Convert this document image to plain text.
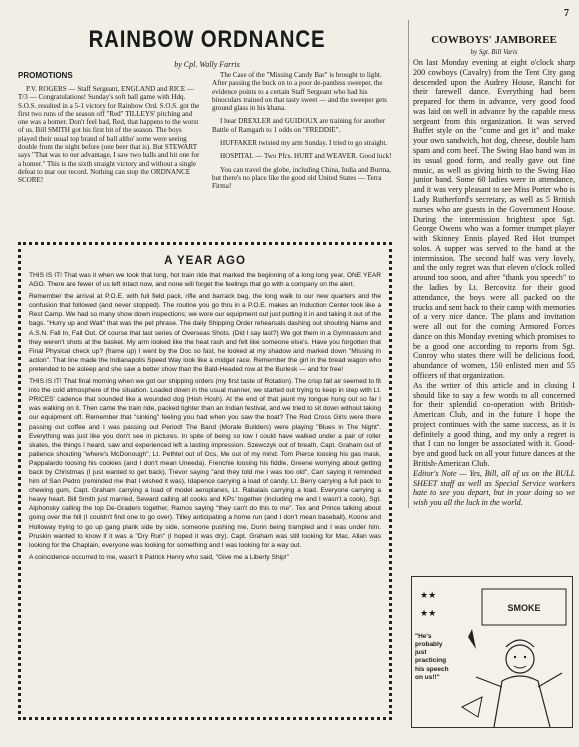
7
RAINBOW ORDNANCE
by Cpl. Wally Farris

PROMOTIONS

P.V. ROGERS — Staff Sergeant, ENGLAND and RICE — T/3 — Congratulations! Sunday's soft ball game with Hdq. S.O.S. resulted in a 5-1 victory for Rainbow Ord. S.O.S. got the first two runs of the season off "Red" TILLEYS' pitching and one was a homer. Don't feel bad, Red, that happens to the worst of us. Bill SMITH got his first hit of the season. The boys played their usual top brand of ball altho' some were seeing double from the night before (one beer that is). But STEWART says "That was to our advantage, I saw two balls and hit one for a homer." This is the sixth straight victory and without a single defeat to mar our record. Nothing can stop the ORDNANCE SCORE!

The Case of the "Missing Candy Bar" is brought to light. After passing the buck on to a poor de-pantless sweeper, the evidence points to a certain Staff Sergeant who had his binoculars trained on that tasty sweet — and the sweeper gets ground glass in his khana.

I hear DREXLER and GUIDOUX are training for another Battle of Ramgarh to 1 odds on "FREDDIE".

HUFFAKER twisted my arm Sunday. I tried to go straight.

HOSPITAL — Two Pfcs. HURT and WEAVER. Good luck!

You can travel the globe, including China, India and Burma, but there's no place like the good old United States — Terra Firma!

A YEAR AGO

THIS IS IT! That was it when we took that long, hot train ride that marked the beginning of a long long year, ONE YEAR AGO. There are fewer of us left intact now, and none will forget the feelings that go with a company on the alert.

Remember the arrival at P.O.E. with full field pack, rifle and barrack bag, the long walk to our new quarters and the confusion that followed (and never stopped). The routine you go thru in a P.O.E. makes an Induction Center look like a Rest Camp. We had so many show down inspections; we wore our equipment out just putting it in and taking it out of the bags. "Hurry up and Wait" that was the pet phrase. The daily Shipping Order rehearsals dashing out shouting Name and A.S.N. Fall In, Fall Out. Of course that last series of Overseas Shots. (Did I say last?) We got them in a Gymnasium and they weren't shots at the basket. My arm looked like the heat rash and felt like someone else's. Have you forgotten that Final Physical check up? (frame up) I went by the Doc so fast, he looked at my shadow and marked down "Missing in action". That line made the Indianapolis Speed Way look like a midget race. Remember the girl in the bread wagon who pretended to be asleep and she saw a better show than the Bald-Headed row at the Burlesk — and for free!

THIS IS IT! That final morning when we got our shipping orders (my first taste of Rotation). The crisp fall air seemed to fit into the cold atmosphere of the situation. Loaded down in the usual manner, we started out trying to keep in step with Lt. PRICES' cadence that sounded like a wounded dog (Hish Hosh). At the end of that jaunt my tongue hung out so far I was walking on it. Then came the train ride, packed tighter than an Indian festival, and we tried to sit down without taking our equipment off. Remember that "sinking" feeling you had when you saw the boat? The Red Cross Girls were there passing out coffee and I was passing out Period! The Band (Morale Builders) were playing "Blues in The Night". Everything was just like you don't see in pictures. In spite of being so low I could have walked under a pair of roller skates, the things I heard, saw and experienced left a lasting impression. Szewczyk out of breath, Capt. Graham out of patience shouting "where's McDonough", Lt. Pethtel out of Ocs, Me out of my mind. Tom Pierce loosing his gas mask, Pappalardo loosing his cookies (and I don't mean Uneeda). Frenchie loosing his fiddle, Greene worrying about getting back by Christmas (I just wanted to get back), Trevor saying "and they told me I was too old", Carr saying it reminded him of San Pedro (reminded me that I wished it was), Idapence carrying a load of candy, Lt. Berry carrying a full pack to chewing gum, Capt. Graham carrying a load of model aeroplanes, Lt. Rabalais carrying a load. Everyone carrying a heavy heart. Bill Smith just married, Seward calling all cooks and KPs' together (including me and I wasn't a cook), Sgt. Alphonsky calling the top De-Graders together, Ramos saying "they can't do this to me". Tex and Prince talking about going over the hill (I couldn't find one to go over). Tilley anticipating a home run (and I don't mean baseball), Koone and Holloway trying to go up gang plank side by side, someone pushing me, Dunn being trampled and I was under him. Pruskin wanted to know if it was a "Dry Run" (I hoped it was dry). Capt. Graham was still looking for Mac. Allan was looking for the Chaplain, everyone was looking for something and I was looking for a way out.

A coincidence occurred to me, wasn't it Patrick Henry who said, "Give me a Liberty Ship!"

COWBOYS' JAMBOREE
by Sgt. Bill Varis

On last Monday evening at eight o'clock sharp 200 cowboys (Cavalry) from the Tent City gang descended upon the Audrey House, Ranchi for their farewell dance. Everything had been prepared for them in advance, very good food was laid on well in advance by the capable mess sergeant from this organization. It was served Buffet style on the "come and get it" and make your own sandwich, hot dog, cheese, double ham spam and corn beef. The Swing Hao band was in its usual good form, and really gave out fine music, as well as giving birth to the Swing Hao junior band. Some 60 ladies were in attendance, and it was very pleasant to see Miss Porter who is Lady Rutherford's secretary, as well as 5 British nurses who are guests in the Government House. During the intermission brightest spot Sgt. George Owens who was a former trumpet player with Skinney Ennis played Red Hot trumpet solos. A supper was served to the band at the intermission. The second half was very lovely, and the only regret was that eleven o'clock rolled around too soon, and after "thank you speech" to the ladies by Lt. Bercovitz for their good attendance, the boys were all packed on the trucks and sent back to their camp with memories of a very nice dance. The plans and invitation were all out for the coming Armored Forces dance on this Monday evening which promises to be a good one according to reports from Sgt. Conroy who states there will be delicious food, abundance of women, 150 enlisted men and 55 officers of that organization.

As the writer of this article and in closing I should like to say a few words to all concerned for their splendid co-operation with British-American Club, and in the future I hope the project continues with the same success, as it is definitely a good thing, and my only a regret is that I can no longer be associated with it. Good-bye and good luck on all your future dances at the British-American Club.

Editor's Note — Yes, Bill, all of us on the BULL SHEET staff as well as Special Service workers hate to see you depart, but in your doing so we wish you all the luck in the world.

★★
★★
SMOKE
"He's probably just practicing his speech on us!!"
